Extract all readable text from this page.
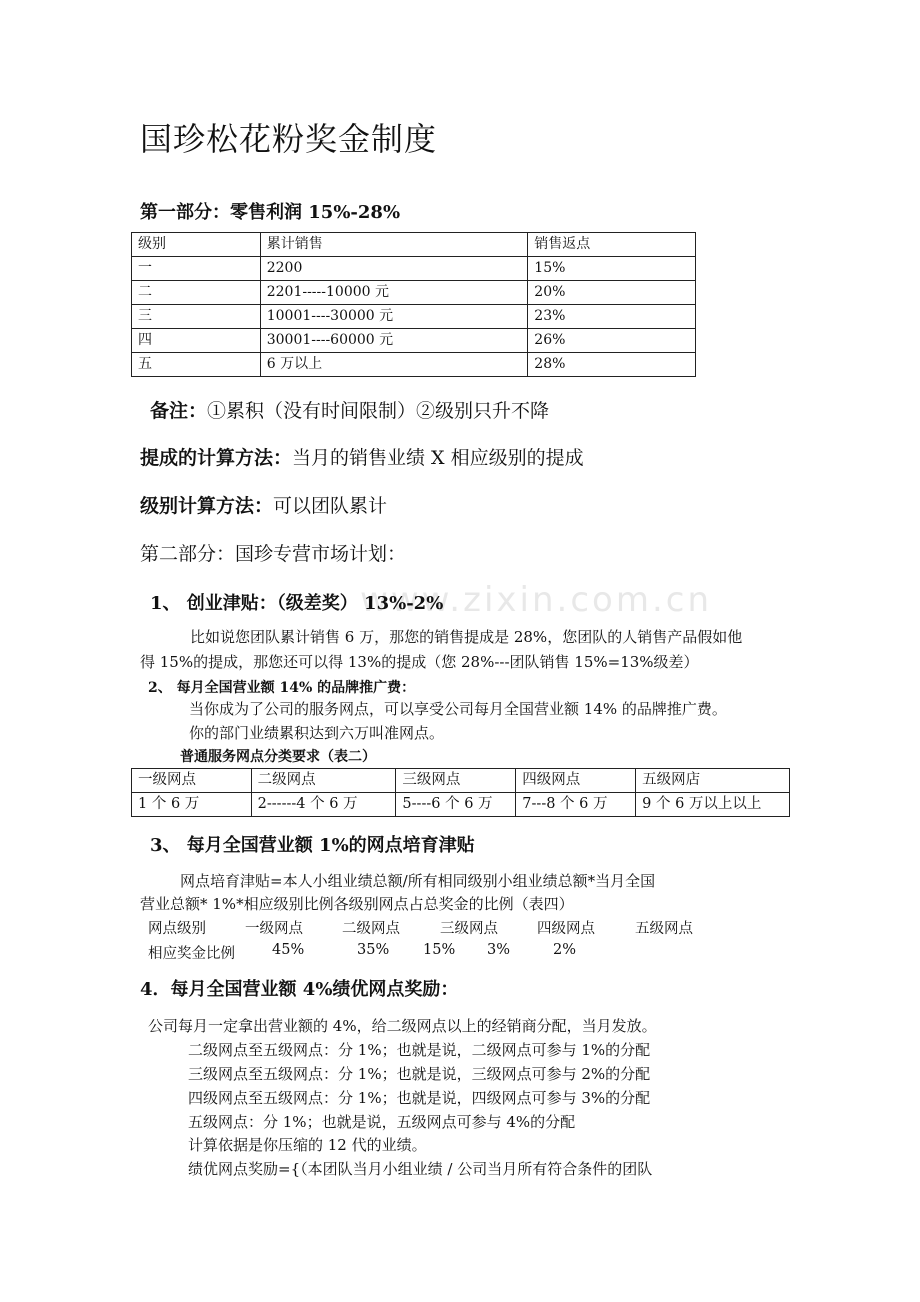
国珍松花粉奖金制度
第一部分：零售利润 15%-28%
级别	累计销售	销售返点
一	2200	15%
二	2201-----10000 元	20%
三	10001----30000 元	23%
四	30001----60000 元	26%
五	6 万以上	28%
备注：①累积（没有时间限制）②级别只升不降
提成的计算方法：当月的销售业绩 X 相应级别的提成
级别计算方法：可以团队累计
第二部分：国珍专营市场计划：
www.zixin.com.cn
1、 创业津贴：（级差奖） 13%-2%
比如说您团队累计销售 6 万，那您的销售提成是 28%，您团队的人销售产品假如他
得 15%的提成，那您还可以得 13%的提成（您 28%---团队销售 15%=13%级差）
2、 每月全国营业额 14% 的品牌推广费：
当你成为了公司的服务网点，可以享受公司每月全国营业额 14% 的品牌推广费。
你的部门业绩累积达到六万叫准网点。
普通服务网点分类要求（表二）
一级网点	二级网点	三级网点	四级网点	五级网店
1 个 6 万	2------4 个 6 万	5----6 个 6 万	7---8 个 6 万	9 个 6 万以上以上
3、 每月全国营业额 1%的网点培育津贴
网点培育津贴=本人小组业绩总额/所有相同级别小组业绩总额*当月全国
营业总额* 1%*相应级别比例各级别网点占总奖金的比例（表四）
网点级别	一级网点	二级网点	三级网点	四级网点	五级网点
相应奖金比例	45%	35% 15% 3%	2%
4．每月全国营业额 4%绩优网点奖励：
公司每月一定拿出营业额的 4%，给二级网点以上的经销商分配，当月发放。
二级网点至五级网点：分 1%；也就是说，二级网点可参与 1%的分配
三级网点至五级网点：分 1%；也就是说，三级网点可参与 2%的分配
四级网点至五级网点：分 1%；也就是说，四级网点可参与 3%的分配
五级网点：分 1%；也就是说，五级网点可参与 4%的分配
计算依据是你压缩的 12 代的业绩。
绩优网点奖励={（本团队当月小组业绩 / 公司当月所有符合条件的团队
